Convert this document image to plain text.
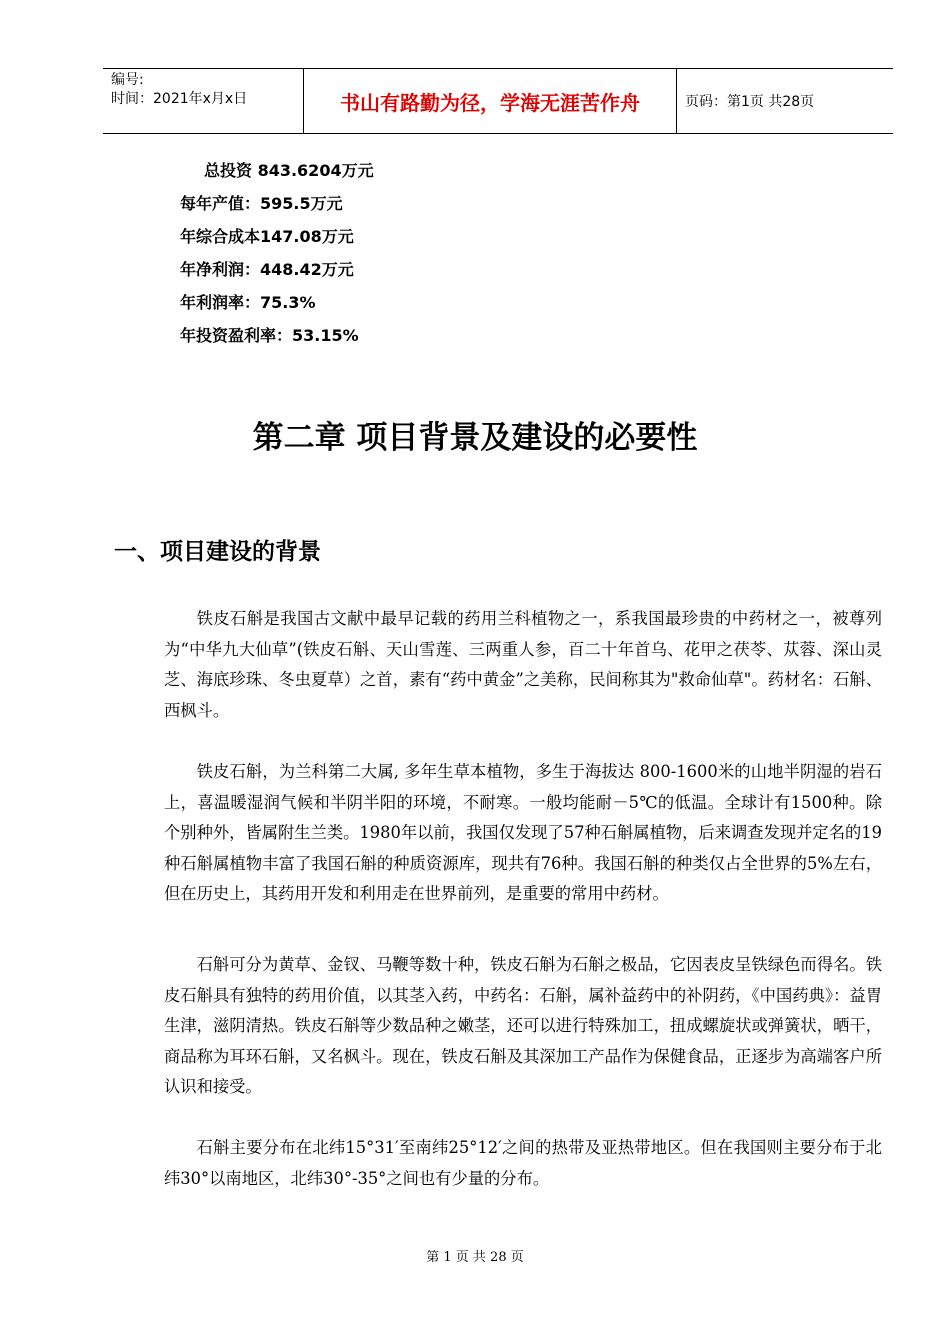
编号:
时间：2021年x月x日	书山有路勤为径，学海无涯苦作舟	页码：第1页 共28页
总投资 843.6204万元
每年产值：595.5万元
年综合成本147.08万元
年净利润：448.42万元
年利润率：75.3%
年投资盈利率：53.15%
第二章 项目背景及建设的必要性
一、项目建设的背景

铁皮石斛是我国古文献中最早记载的药用兰科植物之一，系我国最珍贵的中药材之一，被尊列为“中华九大仙草”(铁皮石斛、天山雪莲、三两重人参，百二十年首乌、花甲之茯苓、苁蓉、深山灵芝、海底珍珠、冬虫夏草）之首，素有“药中黄金”之美称，民间称其为"救命仙草"。药材名：石斛、西枫斗。

铁皮石斛，为兰科第二大属, 多年生草本植物，多生于海拔达 800-1600米的山地半阴湿的岩石上，喜温暖湿润气候和半阴半阳的环境，不耐寒。一般均能耐－5℃的低温。全球计有1500种。除个别种外，皆属附生兰类。1980年以前，我国仅发现了57种石斛属植物，后来调查发现并定名的19种石斛属植物丰富了我国石斛的种质资源库，现共有76种。我国石斛的种类仅占全世界的5%左右，但在历史上，其药用开发和利用走在世界前列，是重要的常用中药材。

石斛可分为黄草、金钗、马鞭等数十种，铁皮石斛为石斛之极品，它因表皮呈铁绿色而得名。铁皮石斛具有独特的药用价值，以其茎入药，中药名：石斛，属补益药中的补阴药，《中国药典》：益胃生津，滋阴清热。铁皮石斛等少数品种之嫩茎，还可以进行特殊加工，扭成螺旋状或弹簧状，晒干，商品称为耳环石斛，又名枫斗。现在，铁皮石斛及其深加工产品作为保健食品，正逐步为高端客户所认识和接受。

石斛主要分布在北纬15°31′至南纬25°12′之间的热带及亚热带地区。但在我国则主要分布于北纬30°以南地区，北纬30°-35°之间也有少量的分布。

第 1 页 共 28 页
